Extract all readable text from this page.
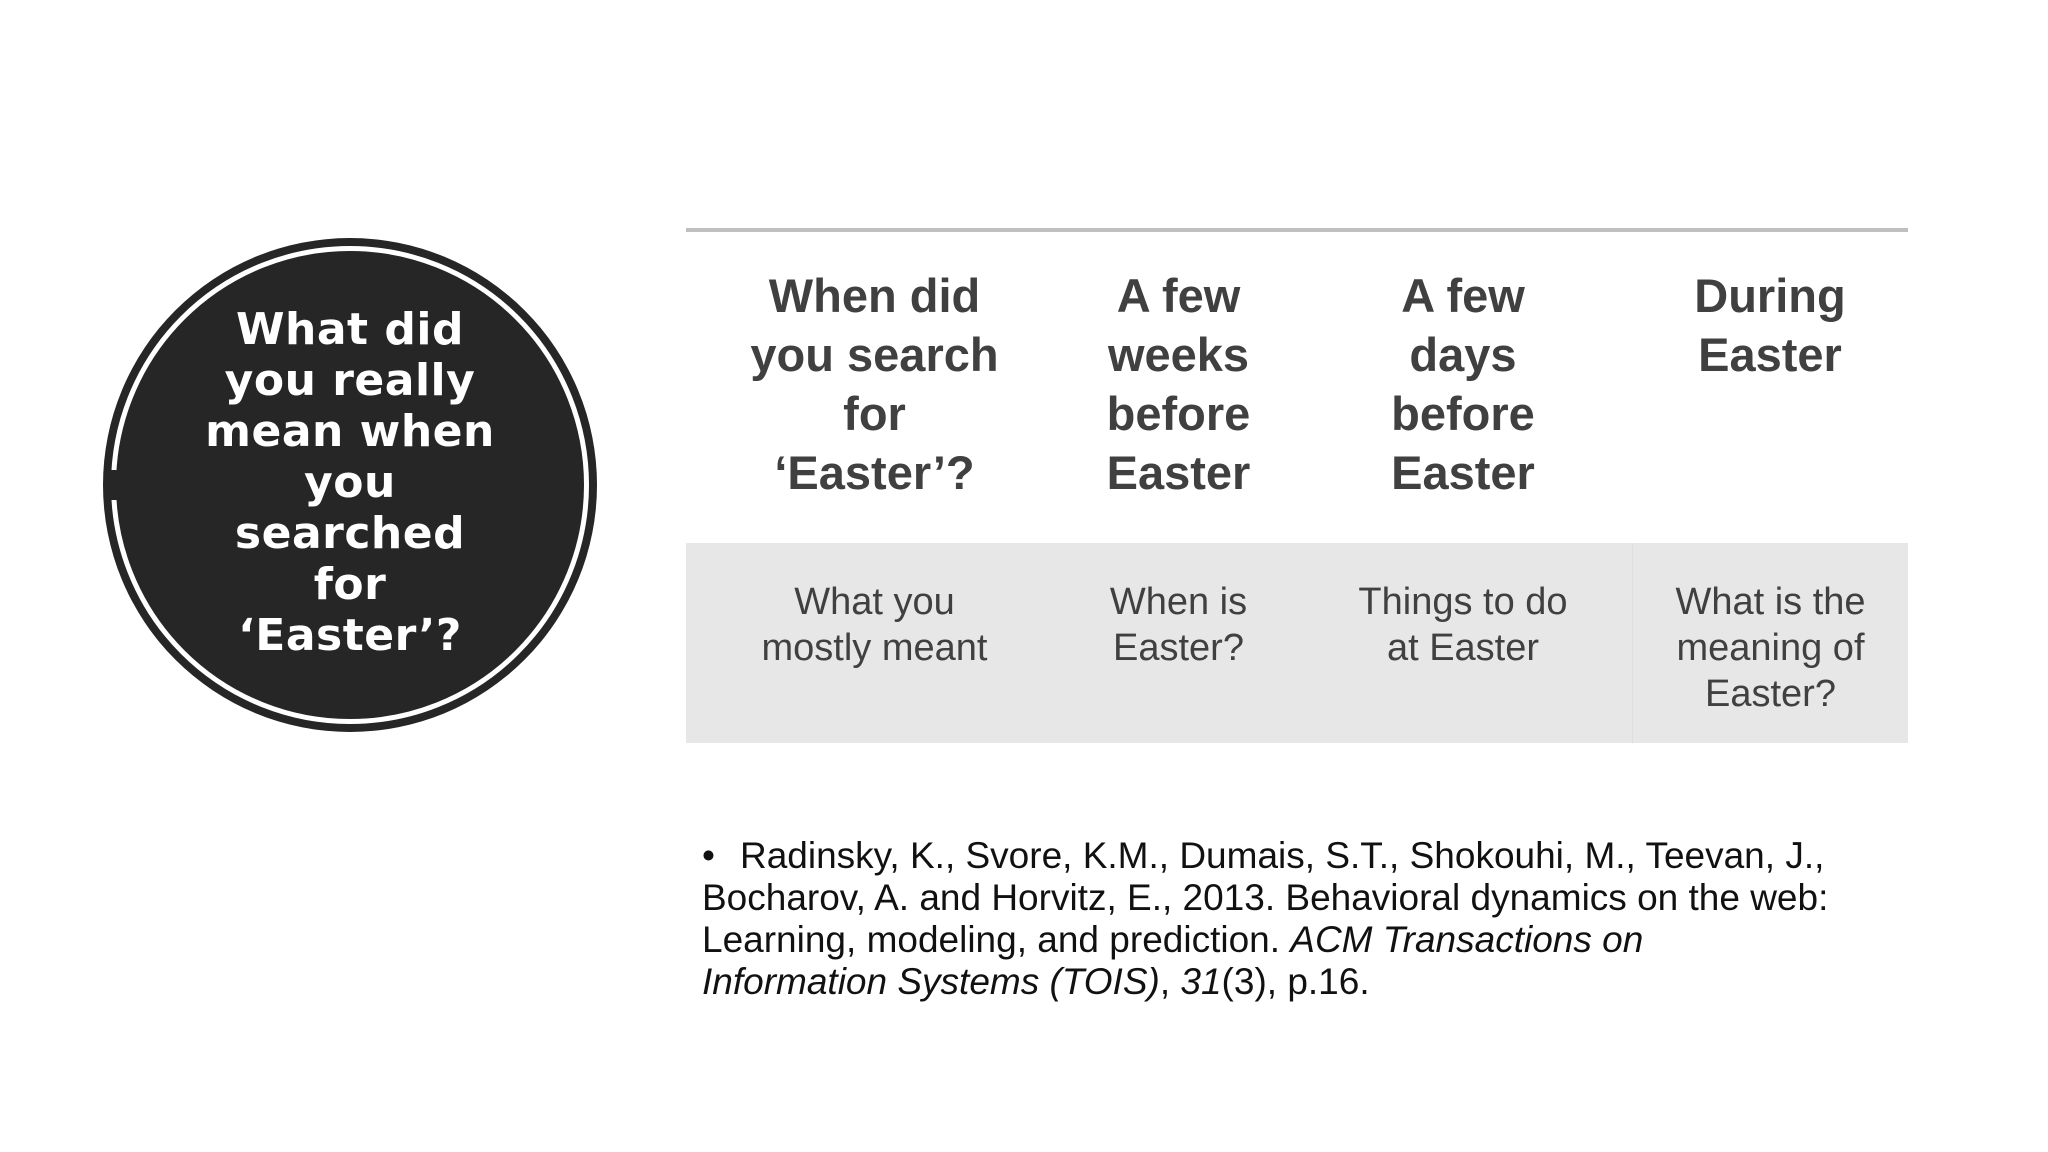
What did
you really
mean when
you
searched
for
‘Easter’?
When did
you search
for
‘Easter’?
A few
weeks
before
Easter
A few
days
before
Easter
During
Easter
What you
mostly meant
When is
Easter?
Things to do
at Easter
What is the
meaning of
Easter?
• Radinsky, K., Svore, K.M., Dumais, S.T., Shokouhi, M., Teevan, J.,
Bocharov, A. and Horvitz, E., 2013. Behavioral dynamics on the web:
Learning, modeling, and prediction. ACM Transactions on
Information Systems (TOIS), 31(3), p.16.
